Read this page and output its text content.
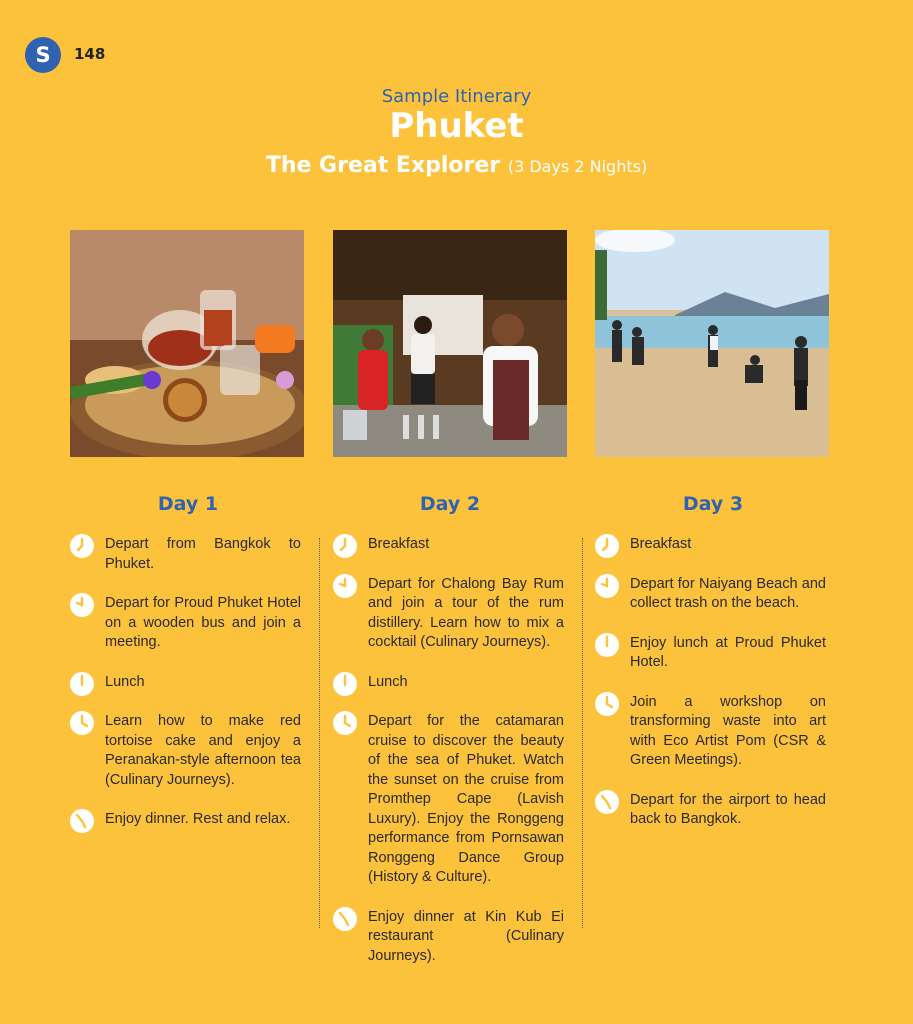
S	148
Sample Itinerary
Phuket
The Great Explorer (3 Days 2 Nights)
Day 1	Day 2	Day 3
Depart from Bangkok to Phuket.
Depart for Proud Phuket Hotel on a wooden bus and join a meeting.
Lunch
Learn how to make red tortoise cake and enjoy a Peranakan-style afternoon tea (Culinary Journeys).
Enjoy dinner. Rest and relax.
Breakfast
Depart for Chalong Bay Rum and join a tour of the rum distillery. Learn how to mix a cocktail (Culinary Journeys).
Lunch
Depart for the catamaran cruise to discover the beauty of the sea of Phuket. Watch the sunset on the cruise from Promthep Cape (Lavish Luxury). Enjoy the Ronggeng performance from Pornsawan Ronggeng Dance Group (History & Culture).
Enjoy dinner at Kin Kub Ei restaurant (Culinary Journeys).
Breakfast
Depart for Naiyang Beach and collect trash on the beach.
Enjoy lunch at Proud Phuket Hotel.
Join a workshop on transforming waste into art with Eco Artist Pom (CSR & Green Meetings).
Depart for the airport to head back to Bangkok.
